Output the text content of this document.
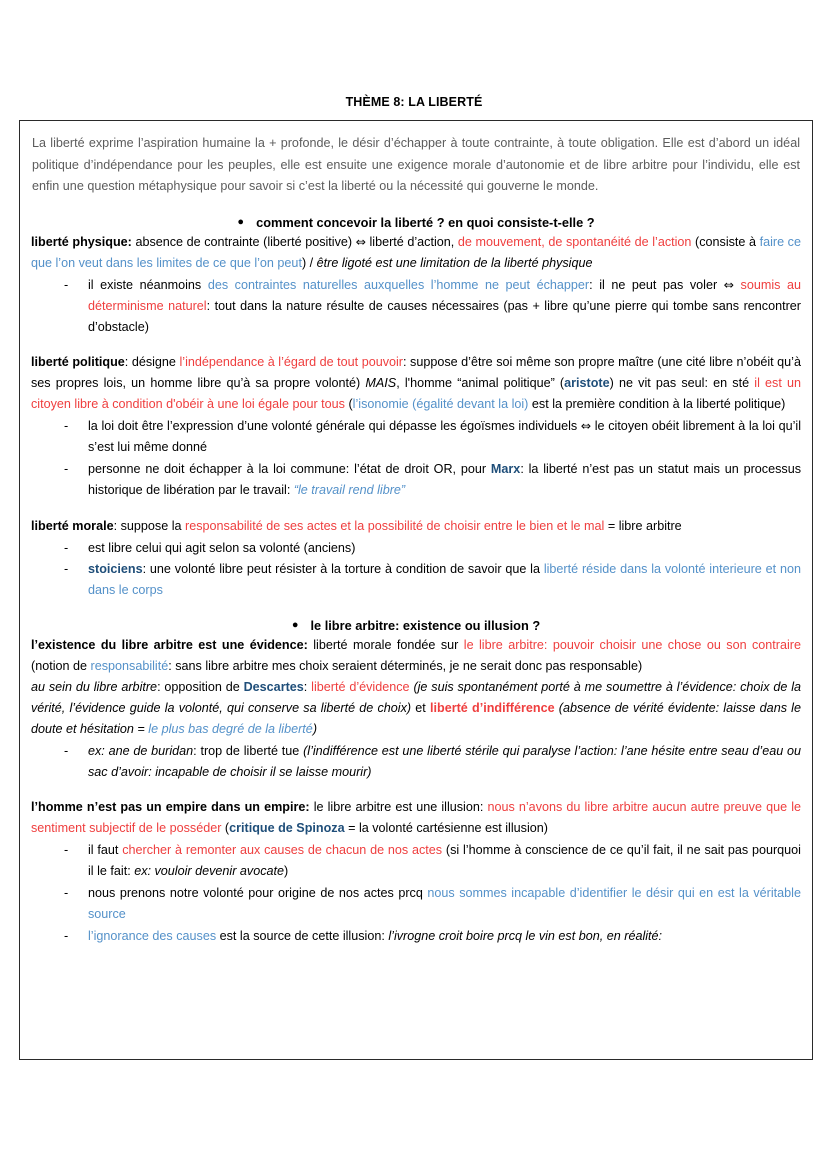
THÈME 8: LA LIBERTÉ

La liberté exprime l’aspiration humaine la + profonde, le désir d’échapper à toute contrainte, à toute obligation. Elle est d’abord un idéal politique d’indépendance pour les peuples, elle est ensuite une exigence morale d’autonomie et de libre arbitre pour l’individu, elle est enfin une question métaphysique pour savoir si c’est la liberté ou la nécessité qui gouverne le monde.

● comment concevoir la liberté ? en quoi consiste-t-elle ?

liberté physique: absence de contrainte (liberté positive) ⇔ liberté d’action, de mouvement, de spontanéité de l’action (consiste à faire ce que l’on veut dans les limites de ce que l’on peut) / être ligoté est une limitation de la liberté physique

- il existe néanmoins des contraintes naturelles auxquelles l’homme ne peut échapper: il ne peut pas voler ⇔ soumis au déterminisme naturel: tout dans la nature résulte de causes nécessaires (pas + libre qu’une pierre qui tombe sans rencontrer d’obstacle)

liberté politique: désigne l’indépendance à l’égard de tout pouvoir: suppose d’être soi même son propre maître (une cité libre n’obéit qu’à ses propres lois, un homme libre qu’à sa propre volonté) MAIS, l'homme “animal politique” (aristote) ne vit pas seul: en sté il est un citoyen libre à condition d'obéir à une loi égale pour tous (l’isonomie (égalité devant la loi) est la première condition à la liberté politique)

- la loi doit être l’expression d’une volonté générale qui dépasse les égoïsmes individuels ⇔ le citoyen obéit librement à la loi qu’il s’est lui même donné
- personne ne doit échapper à la loi commune: l’état de droit OR, pour Marx: la liberté n’est pas un statut mais un processus historique de libération par le travail: “le travail rend libre”

liberté morale: suppose la responsabilité de ses actes et la possibilité de choisir entre le bien et le mal = libre arbitre

- est libre celui qui agit selon sa volonté (anciens)
- stoiciens: une volonté libre peut résister à la torture à condition de savoir que la liberté réside dans la volonté interieure et non dans le corps
● le libre arbitre: existence ou illusion ?

l’existence du libre arbitre est une évidence: liberté morale fondée sur le libre arbitre: pouvoir choisir une chose ou son contraire (notion de responsabilité: sans libre arbitre mes choix seraient déterminés, je ne serait donc pas responsable)

au sein du libre arbitre: opposition de Descartes: liberté d’évidence (je suis spontanément porté à me soumettre à l’évidence: choix de la vérité, l’évidence guide la volonté, qui conserve sa liberté de choix) et liberté d’indifférence (absence de vérité évidente: laisse dans le doute et hésitation = le plus bas degré de la liberté)

- ex: ane de buridan: trop de liberté tue (l’indifférence est une liberté stérile qui paralyse l’action: l’ane hésite entre seau d’eau ou sac d’avoir: incapable de choisir il se laisse mourir)

l’homme n’est pas un empire dans un empire: le libre arbitre est une illusion: nous n’avons du libre arbitre aucun autre preuve que le sentiment subjectif de le posséder (critique de Spinoza = la volonté cartésienne est illusion)

- il faut chercher à remonter aux causes de chacun de nos actes (si l’homme à conscience de ce qu’il fait, il ne sait pas pourquoi il le fait: ex: vouloir devenir avocate)
- nous prenons notre volonté pour origine de nos actes prcq nous sommes incapable d’identifier le désir qui en est la véritable source
- l’ignorance des causes est la source de cette illusion: l’ivrogne croit boire prcq le vin est bon, en réalité:
